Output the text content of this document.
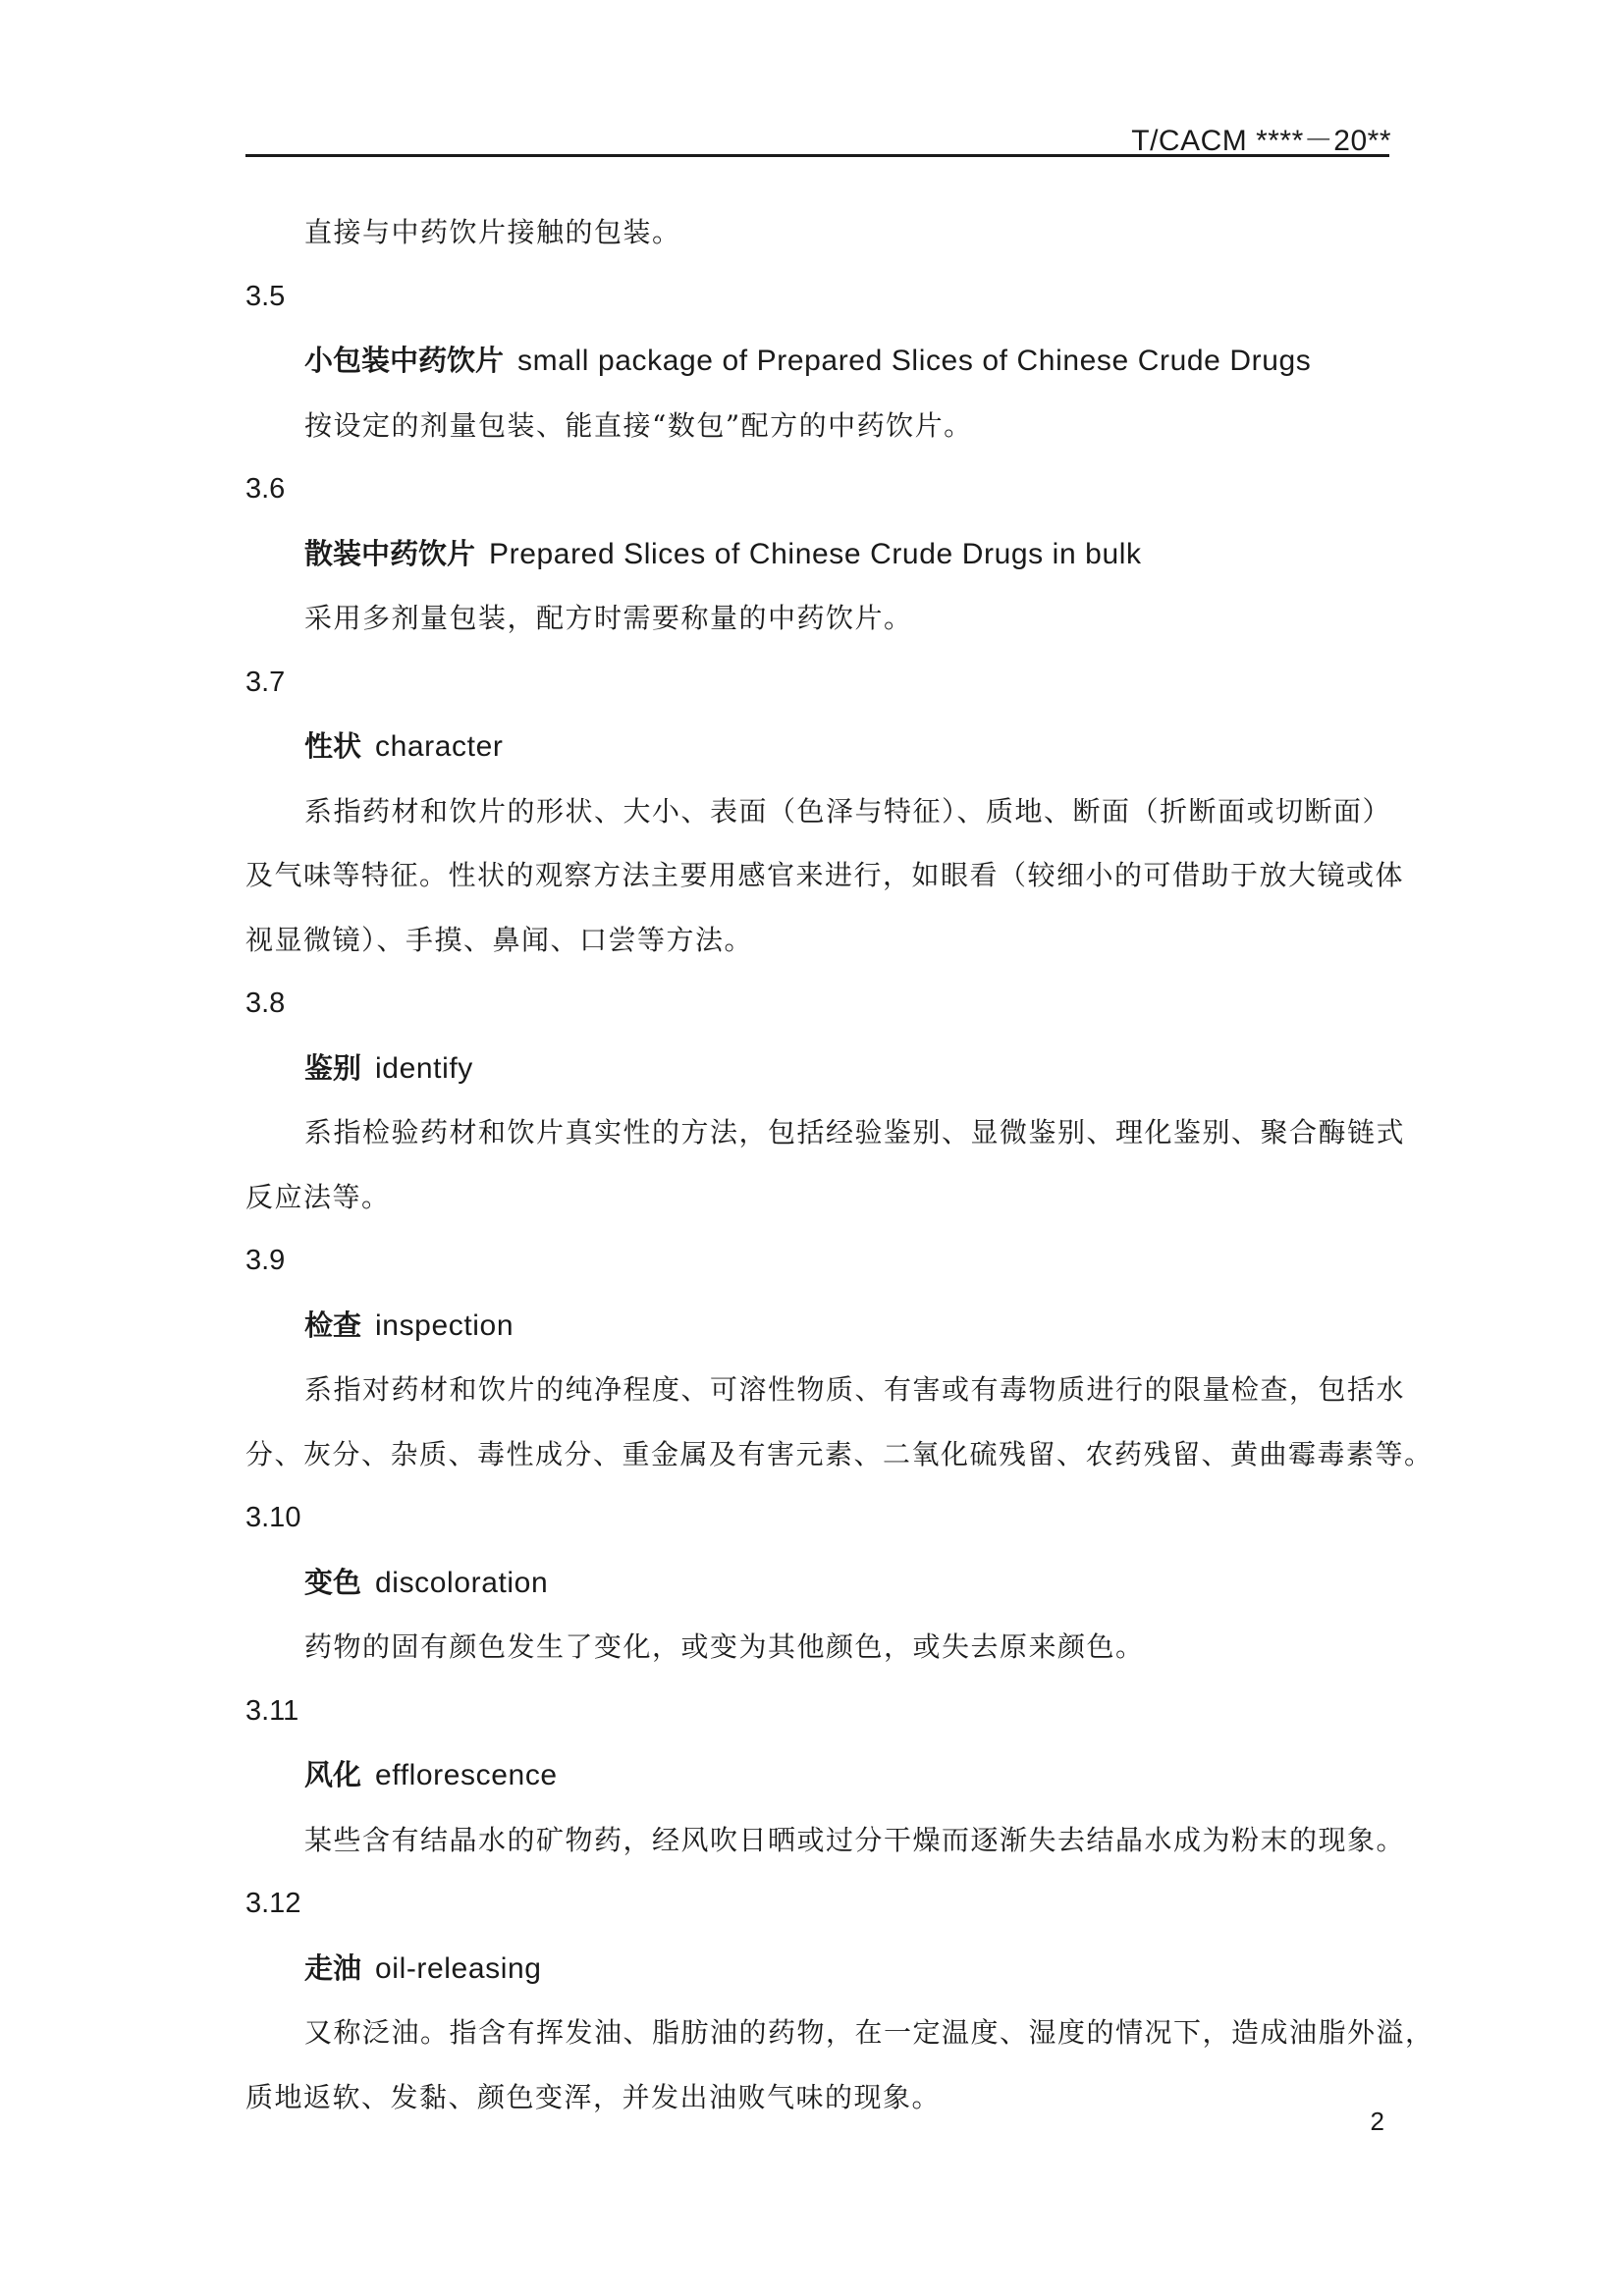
T/CACM ****－20**
直接与中药饮片接触的包装。
3.5
小包装中药饮片 small package of Prepared Slices of Chinese Crude Drugs
按设定的剂量包装、能直接“数包”配方的中药饮片。
3.6
散装中药饮片 Prepared Slices of Chinese Crude Drugs in bulk
采用多剂量包装，配方时需要称量的中药饮片。
3.7
性状 character
系指药材和饮片的形状、大小、表面（色泽与特征）、质地、断面（折断面或切断面）
及气味等特征。性状的观察方法主要用感官来进行，如眼看（较细小的可借助于放大镜或体
视显微镜）、手摸、鼻闻、口尝等方法。
3.8
鉴别 identify
系指检验药材和饮片真实性的方法，包括经验鉴别、显微鉴别、理化鉴别、聚合酶链式
反应法等。
3.9
检查 inspection
系指对药材和饮片的纯净程度、可溶性物质、有害或有毒物质进行的限量检查，包括水
分、灰分、杂质、毒性成分、重金属及有害元素、二氧化硫残留、农药残留、黄曲霉毒素等。
3.10
变色 discoloration
药物的固有颜色发生了变化，或变为其他颜色，或失去原来颜色。
3.11
风化 efflorescence
某些含有结晶水的矿物药，经风吹日晒或过分干燥而逐渐失去结晶水成为粉末的现象。
3.12
走油 oil-releasing
又称泛油。指含有挥发油、脂肪油的药物，在一定温度、湿度的情况下，造成油脂外溢，
质地返软、发黏、颜色变浑，并发出油败气味的现象。
2
